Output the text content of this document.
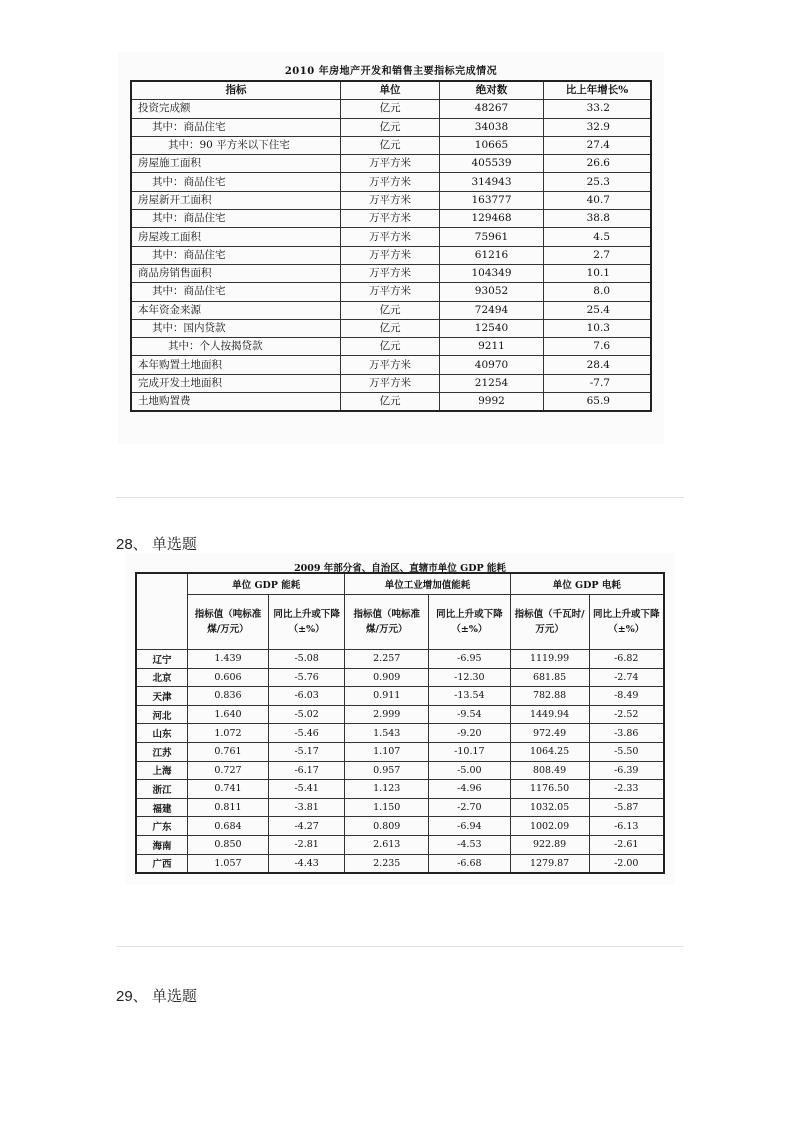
2010 年房地产开发和销售主要指标完成情况
指标	单位	绝对数	比上年增长%
投资完成额	亿元	48267	33.2
其中：商品住宅	亿元	34038	32.9
其中：90 平方米以下住宅	亿元	10665	27.4
房屋施工面积	万平方米	405539	26.6
其中：商品住宅	万平方米	314943	25.3
房屋新开工面积	万平方米	163777	40.7
其中：商品住宅	万平方米	129468	38.8
房屋竣工面积	万平方米	75961	4.5
其中：商品住宅	万平方米	61216	2.7
商品房销售面积	万平方米	104349	10.1
其中：商品住宅	万平方米	93052	8.0
本年资金来源	亿元	72494	25.4
其中：国内贷款	亿元	12540	10.3
其中：个人按揭贷款	亿元	9211	7.6
本年购置土地面积	万平方米	40970	28.4
完成开发土地面积	万平方米	21254	-7.7
土地购置费	亿元	9992	65.9
28、 单选题
2009 年部分省、自治区、直辖市单位 GDP 能耗
	单位 GDP 能耗		单位工业增加值能耗		单位 GDP 电耗	
	指标值（吨标准煤/万元）	同比上升或下降（±%）	指标值（吨标准煤/万元）	同比上升或下降（±%）	指标值（千瓦时/万元）	同比上升或下降（±%）
辽宁	1.439	-5.08	2.257	-6.95	1119.99	-6.82
北京	0.606	-5.76	0.909	-12.30	681.85	-2.74
天津	0.836	-6.03	0.911	-13.54	782.88	-8.49
河北	1.640	-5.02	2.999	-9.54	1449.94	-2.52
山东	1.072	-5.46	1.543	-9.20	972.49	-3.86
江苏	0.761	-5.17	1.107	-10.17	1064.25	-5.50
上海	0.727	-6.17	0.957	-5.00	808.49	-6.39
浙江	0.741	-5.41	1.123	-4.96	1176.50	-2.33
福建	0.811	-3.81	1.150	-2.70	1032.05	-5.87
广东	0.684	-4.27	0.809	-6.94	1002.09	-6.13
海南	0.850	-2.81	2.613	-4.53	922.89	-2.61
广西	1.057	-4.43	2.235	-6.68	1279.87	-2.00
29、 单选题
